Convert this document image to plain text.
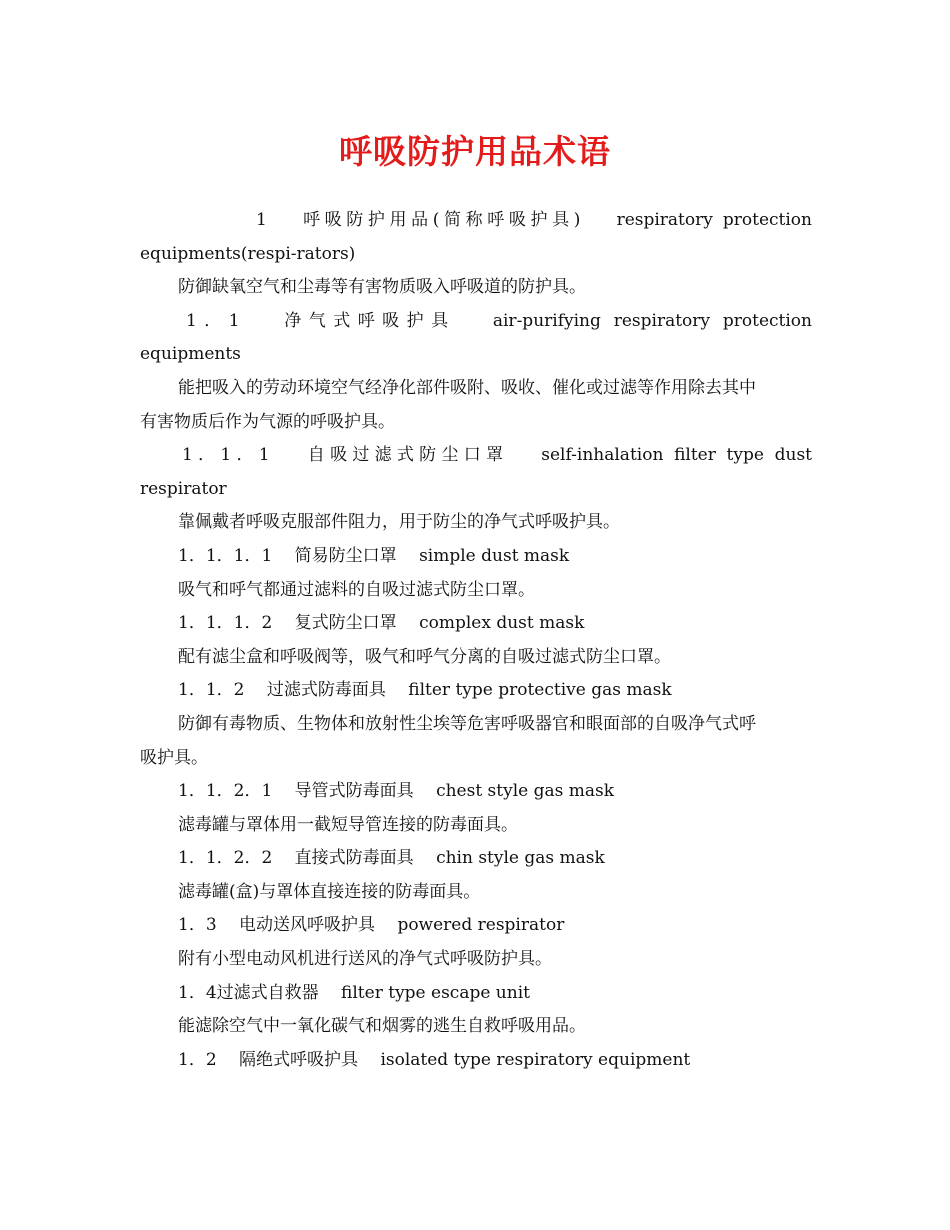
呼吸防护用品术语
1　 呼吸防护用品(简称呼吸护具)　 respiratory protection
equipments(respi-rators)
防御缺氧空气和尘毒等有害物质吸入呼吸道的防护具。
1．1　 净气式呼吸护具　 air-purifying respiratory protection
equipments
能把吸入的劳动环境空气经净化部件吸附、吸收、催化或过滤等作用除去其中
有害物质后作为气源的呼吸护具。
1．1．1　 自吸过滤式防尘口罩　 self-inhalation filter type dust
respirator
靠佩戴者呼吸克服部件阻力，用于防尘的净气式呼吸护具。
1．1．1．1　 简易防尘口罩　 simple dust mask
吸气和呼气都通过滤料的自吸过滤式防尘口罩。
1．1．1．2　 复式防尘口罩　 complex dust mask
配有滤尘盒和呼吸阀等，吸气和呼气分离的自吸过滤式防尘口罩。
1．1．2　 过滤式防毒面具　 filter type protective gas mask
防御有毒物质、生物体和放射性尘埃等危害呼吸器官和眼面部的自吸净气式呼
吸护具。
1．1．2．1　 导管式防毒面具　 chest style gas mask
滤毒罐与罩体用一截短导管连接的防毒面具。
1．1．2．2　 直接式防毒面具　 chin style gas mask
滤毒罐(盒)与罩体直接连接的防毒面具。
1．3　 电动送风呼吸护具　 powered respirator
附有小型电动风机进行送风的净气式呼吸防护具。
1．4过滤式自救器　 filter type escape unit
能滤除空气中一氧化碳气和烟雾的逃生自救呼吸用品。
1．2　 隔绝式呼吸护具　 isolated type respiratory equipment
